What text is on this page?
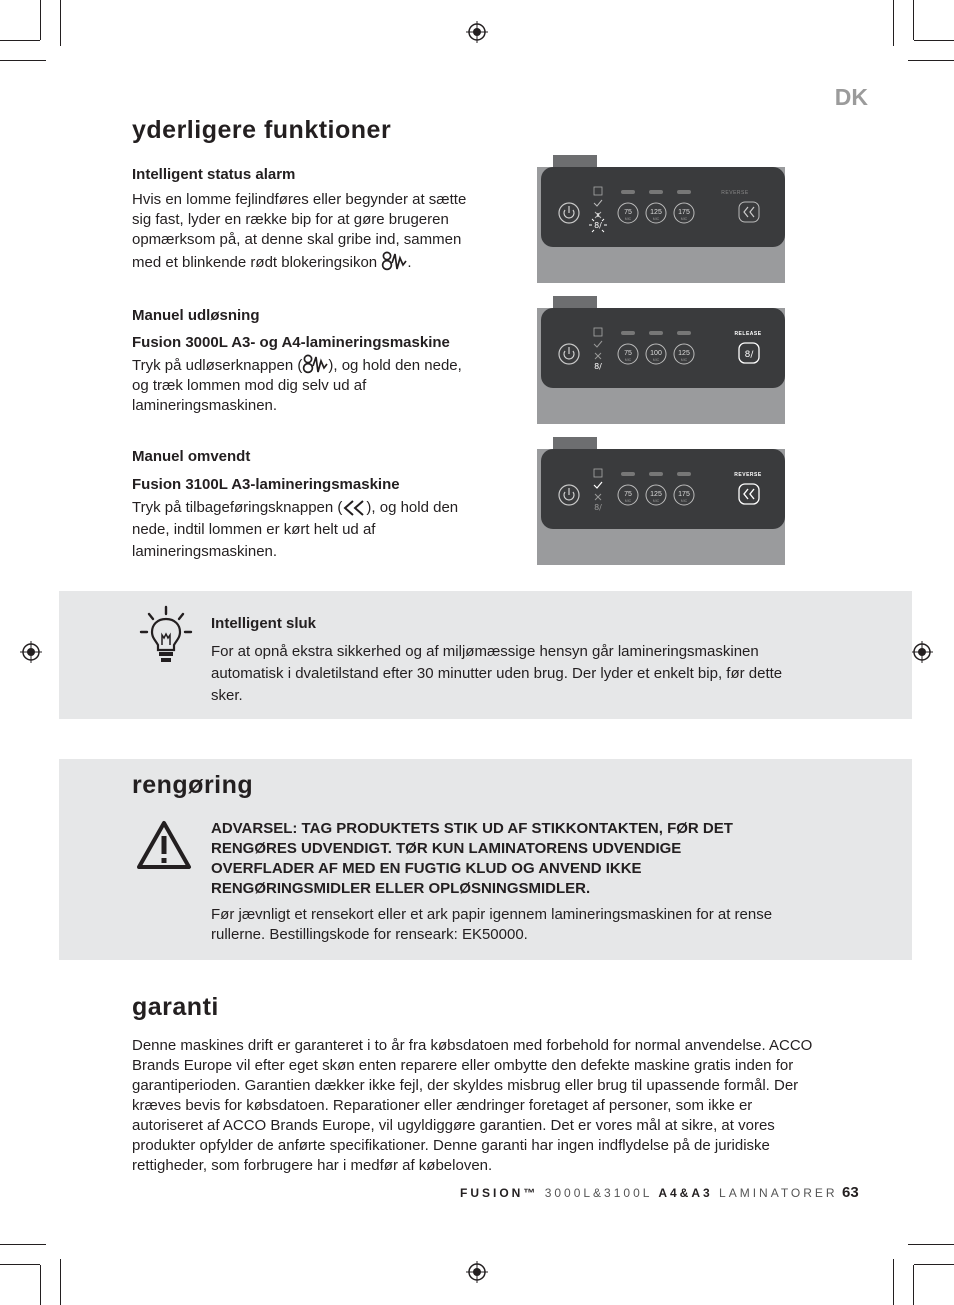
DK
yderligere funktioner

Intelligent status alarm

Hvis en lomme fejlindføres eller begynder at sætte sig fast, lyder en række bip for at gøre brugeren opmærksom på, at denne skal gribe ind, sammen med et blinkende rødt blokeringsikon .

Manuel udløsning

Fusion 3000L A3- og A4-lamineringsmaskine

Tryk på udløserknappen ( ), og hold den nede, og træk lommen mod dig selv ud af lamineringsmaskinen.

Manuel omvendt

Fusion 3100L A3-lamineringsmaskine

Tryk på tilbageføringsknappen ( ), og hold den nede, indtil lommen er kørt helt ud af lamineringsmaskinen.

8/
75	125 175
MIC	MIC	MIC
REVERSE
8/
75	100 125
MIC	MIC	MIC
RELEASE
8/
8/
75	125 175
MIC	MIC	MIC
REVERSE

Intelligent sluk

For at opnå ekstra sikkerhed og af miljømæssige hensyn går lamineringsmaskinen automatisk i dvaletilstand efter 30 minutter uden brug. Der lyder et enkelt bip, før dette sker.

rengøring

ADVARSEL: TAG PRODUKTETS STIK UD AF STIKKONTAKTEN, FØR DET RENGØRES UDVENDIGT. TØR KUN LAMINATORENS UDVENDIGE OVERFLADER AF MED EN FUGTIG KLUD OG ANVEND IKKE RENGØRINGSMIDLER ELLER OPLØSNINGSMIDLER.

Før jævnligt et rensekort eller et ark papir igennem lamineringsmaskinen for at rense rullerne. Bestillingskode for renseark: EK50000.

garanti

Denne maskines drift er garanteret i to år fra købsdatoen med forbehold for normal anvendelse. ACCO Brands Europe vil efter eget skøn enten reparere eller ombytte den defekte maskine gratis inden for garantiperioden. Garantien dækker ikke fejl, der skyldes misbrug eller brug til upassende formål. Der kræves bevis for købsdatoen. Reparationer eller ændringer foretaget af personer, som ikke er autoriseret af ACCO Brands Europe, vil ugyldiggøre garantien. Det er vores mål at sikre, at vores produkter opfylder de anførte specifikationer. Denne garanti har ingen indflydelse på de juridiske rettigheder, som forbrugere har i medfør af købeloven.

FUSION™ 3000L&3100L A4&A3 LAMINATORER 63
